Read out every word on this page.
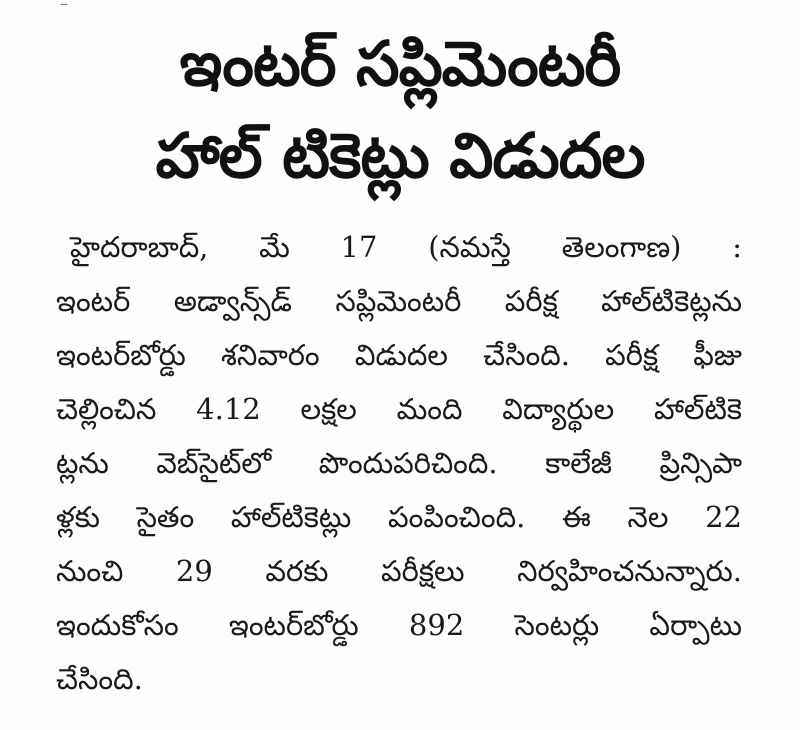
ఇంటర్ సప్లిమెంటరీ
హాల్ టికెట్లు విడుదల
హైదరాబాద్, మే 17 (నమస్తే తెలంగాణ) :
ఇంటర్ అడ్వాన్స్‌డ్ సప్లిమెంటరీ పరీక్ష హాల్‌టికెట్లను
ఇంటర్‌బోర్డు శనివారం విడుదల చేసింది. పరీక్ష ఫీజు
చెల్లించిన 4.12 లక్షల మంది విద్యార్థుల హాల్‌టికె
ట్లను వెబ్‌సైట్‌లో పొందుపరిచింది. కాలేజీ ప్రిన్సిపా
ళ్లకు సైతం హాల్‌టికెట్లు పంపించింది. ఈ నెల 22
నుంచి 29 వరకు పరీక్షలు నిర్వహించనున్నారు.
ఇందుకోసం ఇంటర్‌బోర్డు 892 సెంటర్లు ఏర్పాటు
చేసింది.
